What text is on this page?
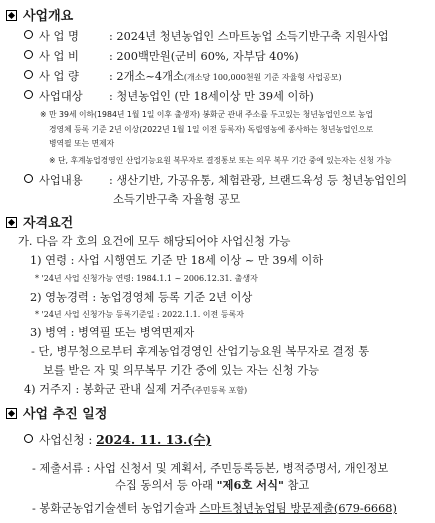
사업개요
사 업 명	: 2024년 청년농업인 스마트농업 소득기반구축 지원사업
사 업 비	: 200백만원(군비 60%, 자부담 40%)
사 업 량	: 2개소~4개소(개소당 100,000천원 기준 자율형 사업공모)
사업대상 : 청년농업인 (만 18세이상 만 39세 이하)
※ 만 39세 이하(1984년 1월 1일 이후 출생자) 봉화군 관내 주소를 두고있는 청년농업인으로 농업
경영체 등록 기준 2년 이상(2022년 1월 1일 이전 등록자) 독립영농에 종사하는 청년농업인으로
병역필 또는 면제자
※ 단, 후계농업경영인 산업기능요원 복무자로 결정통보 또는 의무 복무 기간 중에 있는자는 신청 가능
사업내용 : 생산기반, 가공유통, 체험관광, 브랜드육성 등 청년농업인의
소득기반구축 자율형 공모
자격요건
가. 다음 각 호의 요건에 모두 해당되어야 사업신청 가능
1) 연령 : 사업 시행연도 기준 만 18세 이상 ~ 만 39세 이하
* '24년 사업 신청가능 연령: 1984.1.1 ~ 2006.12.31. 출생자
2) 영농경력 : 농업경영체 등록 기준 2년 이상
* '24년 사업 신청가능 등록기준일 : 2022.1.1. 이전 등록자
3) 병역 : 병역필 또는 병역면제자
- 단, 병무청으로부터 후계농업경영인 산업기능요원 복무자로 결정 통
보를 받은 자 및 의무복무 기간 중에 있는 자는 신청 가능
4) 거주지 : 봉화군 관내 실제 거주(주민등록 포함)
사업 추진 일정
사업신청 : 2024. 11. 13.(수)
- 제출서류 : 사업 신청서 및 계획서, 주민등록등본, 병적증명서, 개인정보
수집 동의서 등 아래 "제6호 서식" 참고
- 봉화군농업기술센터 농업기술과 스마트청년농업팀 방문제출(679-6668)
